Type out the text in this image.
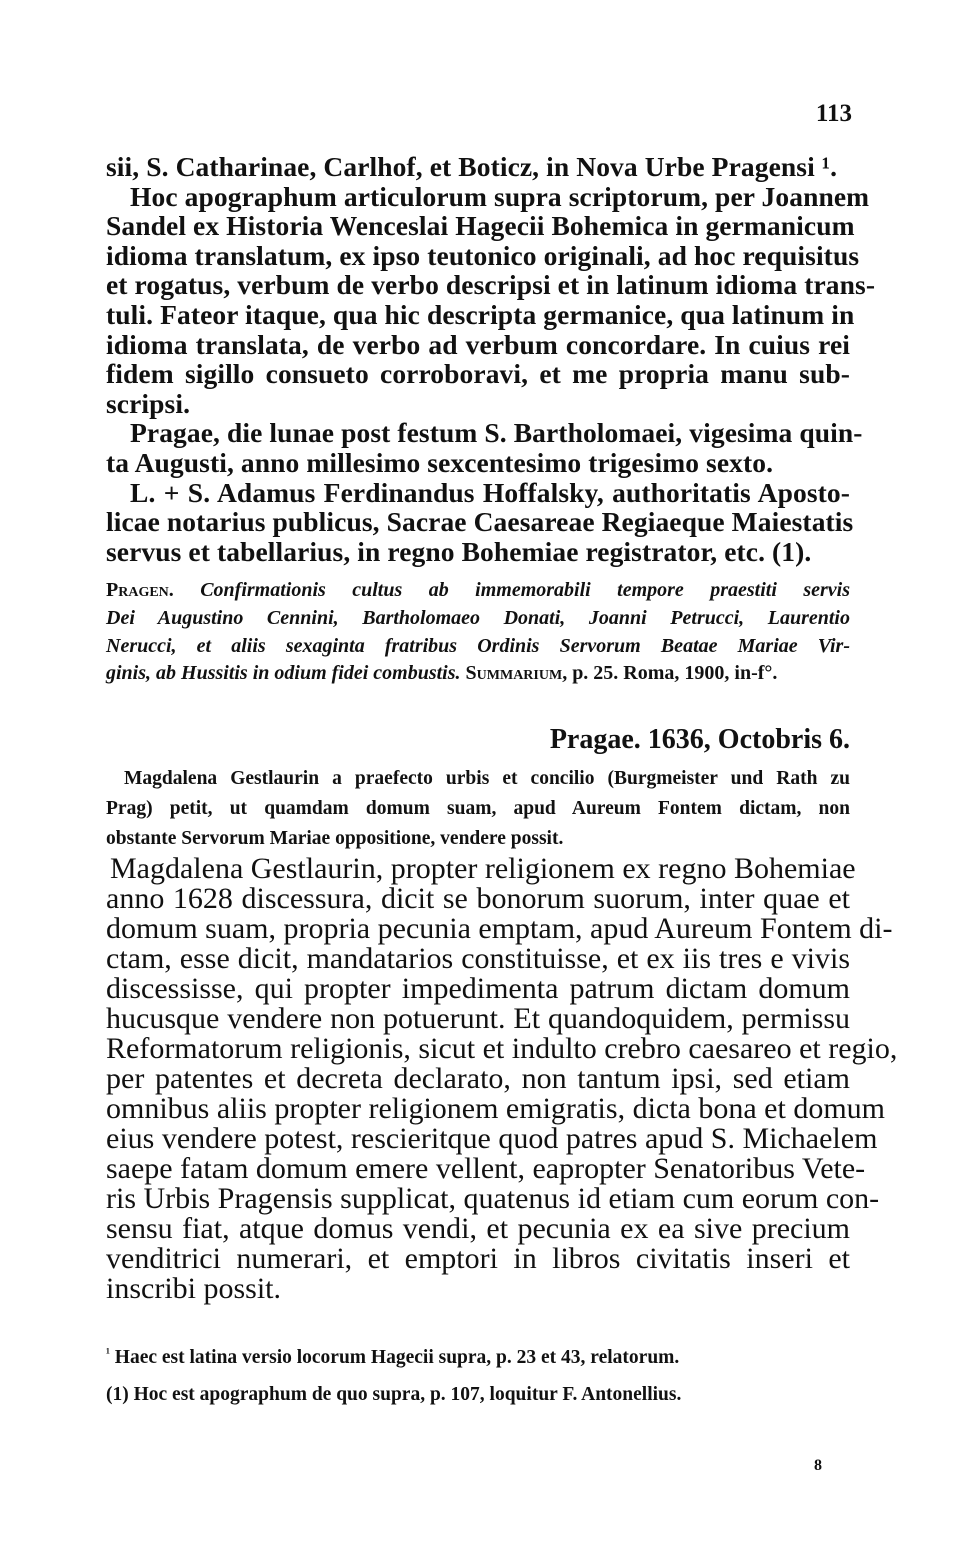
113
sii, S. Catharinae, Carlhof, et Boticz, in Nova Urbe Pragensi ¹.
Hoc apographum articulorum supra scriptorum, per Joannem
Sandel ex Historia Wenceslai Hagecii Bohemica in germanicum
idioma translatum, ex ipso teutonico originali, ad hoc requisitus
et rogatus, verbum de verbo descripsi et in latinum idioma trans-
tuli. Fateor itaque, qua hic descripta germanice, qua latinum in
idioma translata, de verbo ad verbum concordare. In cuius rei
fidem sigillo consueto corroboravi, et me propria manu sub-
scripsi.
Pragae, die lunae post festum S. Bartholomaei, vigesima quin-
ta Augusti, anno millesimo sexcentesimo trigesimo sexto.
L. + S. Adamus Ferdinandus Hoffalsky, authoritatis Aposto-
licae notarius publicus, Sacrae Caesareae Regiaeque Maiestatis
servus et tabellarius, in regno Bohemiae registrator, etc. (1).
Pragen. Confirmationis cultus ab immemorabili tempore praestiti servis
Dei Augustino Cennini, Bartholomaeo Donati, Joanni Petrucci, Laurentio
Nerucci, et aliis sexaginta fratribus Ordinis Servorum Beatae Mariae Vir-
ginis, ab Hussitis in odium fidei combustis. Summarium, p. 25. Roma, 1900, in-f°.
Pragae. 1636, Octobris 6.
Magdalena Gestlaurin a praefecto urbis et concilio (Burgmeister und Rath zu
Prag) petit, ut quamdam domum suam, apud Aureum Fontem dictam, non
obstante Servorum Mariae oppositione, vendere possit.
Magdalena Gestlaurin, propter religionem ex regno Bohemiae
anno 1628 discessura, dicit se bonorum suorum, inter quae et
domum suam, propria pecunia emptam, apud Aureum Fontem di-
ctam, esse dicit, mandatarios constituisse, et ex iis tres e vivis
discessisse, qui propter impedimenta patrum dictam domum
hucusque vendere non potuerunt. Et quandoquidem, permissu
Reformatorum religionis, sicut et indulto crebro caesareo et regio,
per patentes et decreta declarato, non tantum ipsi, sed etiam
omnibus aliis propter religionem emigratis, dicta bona et domum
eius vendere potest, rescieritque quod patres apud S. Michaelem
saepe fatam domum emere vellent, eapropter Senatoribus Vete-
ris Urbis Pragensis supplicat, quatenus id etiam cum eorum con-
sensu fiat, atque domus vendi, et pecunia ex ea sive precium
venditrici numerari, et emptori in libros civitatis inseri et
inscribi possit.
$^{^1}$ Haec est latina versio locorum Hagecii supra, p. 23 et 43, relatorum.
(1) Hoc est apographum de quo supra, p. 107, loquitur F. Antonellius.
8
